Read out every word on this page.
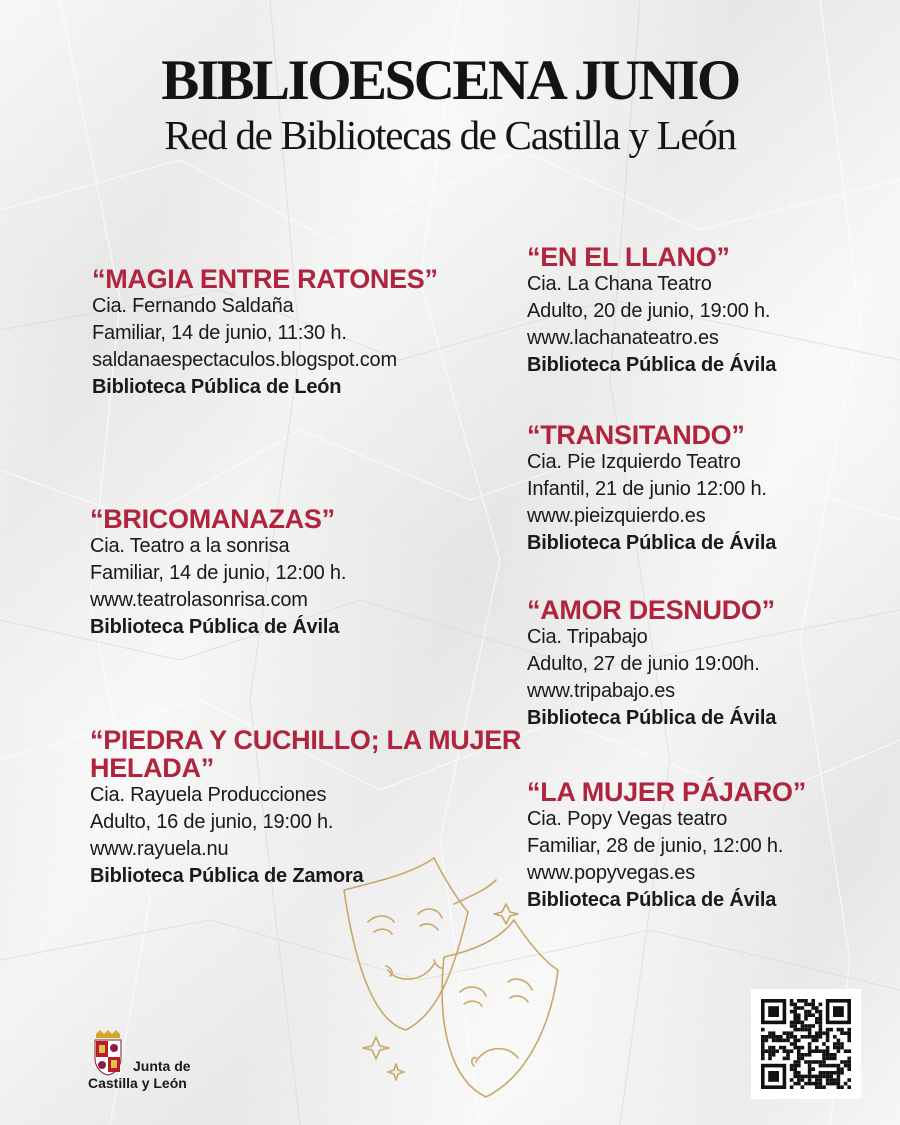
BIBLIOESCENA JUNIO
Red de Bibliotecas de Castilla y León
“MAGIA ENTRE RATONES”
Cia. Fernando Saldaña
Familiar, 14 de junio, 11:30 h.
saldanaespectaculos.blogspot.com
Biblioteca Pública de León
“BRICOMANAZAS”
Cia. Teatro a la sonrisa
Familiar, 14 de junio, 12:00 h.
www.teatrolasonrisa.com
Biblioteca Pública de Ávila
“PIEDRA Y CUCHILLO; LA MUJER
HELADA”
Cia. Rayuela Producciones
Adulto, 16 de junio, 19:00 h.
www.rayuela.nu
Biblioteca Pública de Zamora
“EN EL LLANO”
Cia. La Chana Teatro
Adulto, 20 de junio, 19:00 h.
www.lachanateatro.es
Biblioteca Pública de Ávila
“TRANSITANDO”
Cia. Pie Izquierdo Teatro
Infantil, 21 de junio 12:00 h.
www.pieizquierdo.es
Biblioteca Pública de Ávila
“AMOR DESNUDO”
Cia. Tripabajo
Adulto, 27 de junio 19:00h.
www.tripabajo.es
Biblioteca Pública de Ávila
“LA MUJER PÁJARO”
Cia. Popy Vegas teatro
Familiar, 28 de junio, 12:00 h.
www.popyvegas.es
Biblioteca Pública de Ávila
Junta de
Castilla y León
